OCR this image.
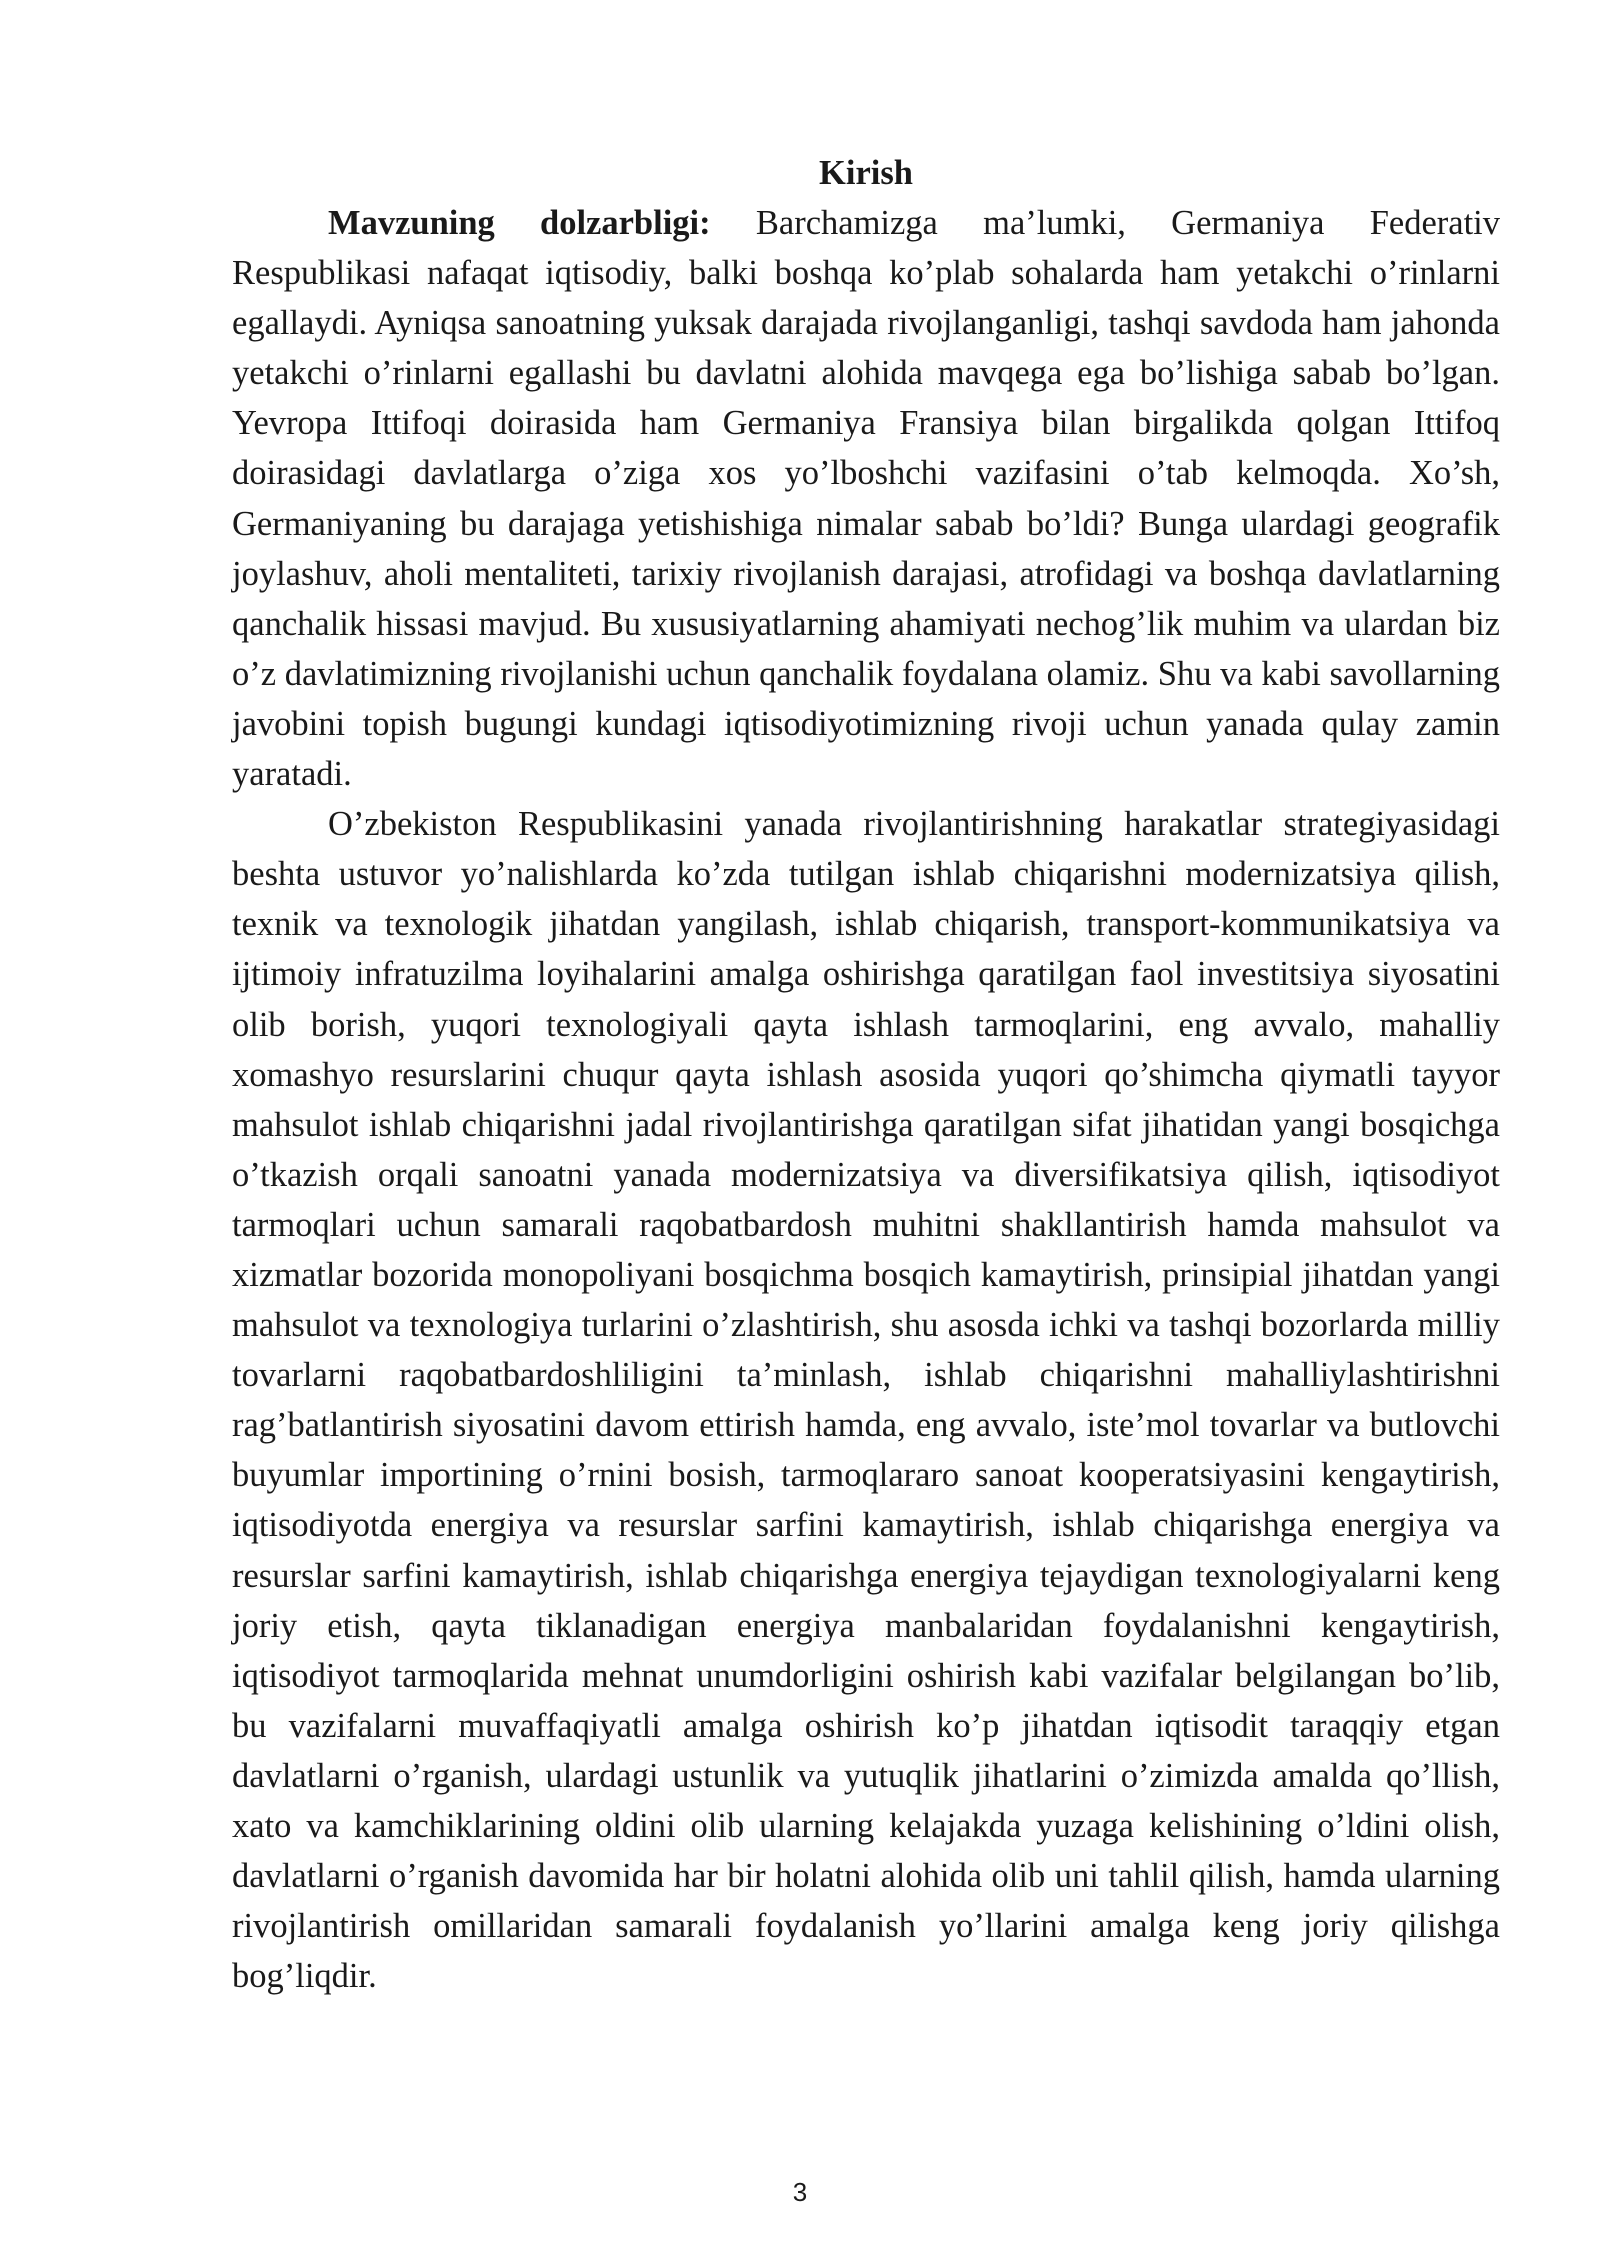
Kirish

Mavzuning dolzarbligi: Barchamizga ma’lumki, Germaniya Federativ Respublikasi nafaqat iqtisodiy, balki boshqa ko’plab sohalarda ham yetakchi o’rinlarni egallaydi. Ayniqsa sanoatning yuksak darajada rivojlanganligi, tashqi savdoda ham jahonda yetakchi o’rinlarni egallashi bu davlatni alohida mavqega ega bo’lishiga sabab bo’lgan. Yevropa Ittifoqi doirasida ham Germaniya Fransiya bilan birgalikda qolgan Ittifoq doirasidagi davlatlarga o’ziga xos yo’lboshchi vazifasini o’tab kelmoqda. Xo’sh, Germaniyaning bu darajaga yetishishiga nimalar sabab bo’ldi? Bunga ulardagi geografik joylashuv, aholi mentaliteti, tarixiy rivojlanish darajasi, atrofidagi va boshqa davlatlarning qanchalik hissasi mavjud. Bu xususiyatlarning ahamiyati nechog’lik muhim va ulardan biz o’z davlatimizning rivojlanishi uchun qanchalik foydalana olamiz. Shu va kabi savollarning javobini topish bugungi kundagi iqtisodiyotimizning rivoji uchun yanada qulay zamin yaratadi.

O’zbekiston Respublikasini yanada rivojlantirishning harakatlar strategiyasidagi beshta ustuvor yo’nalishlarda ko’zda tutilgan ishlab chiqarishni modernizatsiya qilish, texnik va texnologik jihatdan yangilash, ishlab chiqarish, transport-kommunikatsiya va ijtimoiy infratuzilma loyihalarini amalga oshirishga qaratilgan faol investitsiya siyosatini olib borish, yuqori texnologiyali qayta ishlash tarmoqlarini, eng avvalo, mahalliy xomashyo resurslarini chuqur qayta ishlash asosida yuqori qo’shimcha qiymatli tayyor mahsulot ishlab chiqarishni jadal rivojlantirishga qaratilgan sifat jihatidan yangi bosqichga o’tkazish orqali sanoatni yanada modernizatsiya va diversifikatsiya qilish, iqtisodiyot tarmoqlari uchun samarali raqobatbardosh muhitni shakllantirish hamda mahsulot va xizmatlar bozorida monopoliyani bosqichma bosqich kamaytirish, prinsipial jihatdan yangi mahsulot va texnologiya turlarini o’zlashtirish, shu asosda ichki va tashqi bozorlarda milliy tovarlarni raqobatbardoshliligini ta’minlash, ishlab chiqarishni mahalliylashtirishni rag’batlantirish siyosatini davom ettirish hamda, eng avvalo, iste’mol tovarlar va butlovchi buyumlar importining o’rnini bosish, tarmoqlararo sanoat kooperatsiyasini kengaytirish, iqtisodiyotda energiya va resurslar sarfini kamaytirish, ishlab chiqarishga energiya va resurslar sarfini kamaytirish, ishlab chiqarishga energiya tejaydigan texnologiyalarni keng joriy etish, qayta tiklanadigan energiya manbalaridan foydalanishni kengaytirish, iqtisodiyot tarmoqlarida mehnat unumdorligini oshirish kabi vazifalar belgilangan bo’lib, bu vazifalarni muvaffaqiyatli amalga oshirish ko’p jihatdan iqtisodit taraqqiy etgan davlatlarni o’rganish, ulardagi ustunlik va yutuqlik jihatlarini o’zimizda amalda qo’llish, xato va kamchiklarining oldini olib ularning kelajakda yuzaga kelishining o’ldini olish, davlatlarni o’rganish davomida har bir holatni alohida olib uni tahlil qilish, hamda ularning rivojlantirish omillaridan samarali foydalanish yo’llarini amalga keng joriy qilishga bog’liqdir.

3
